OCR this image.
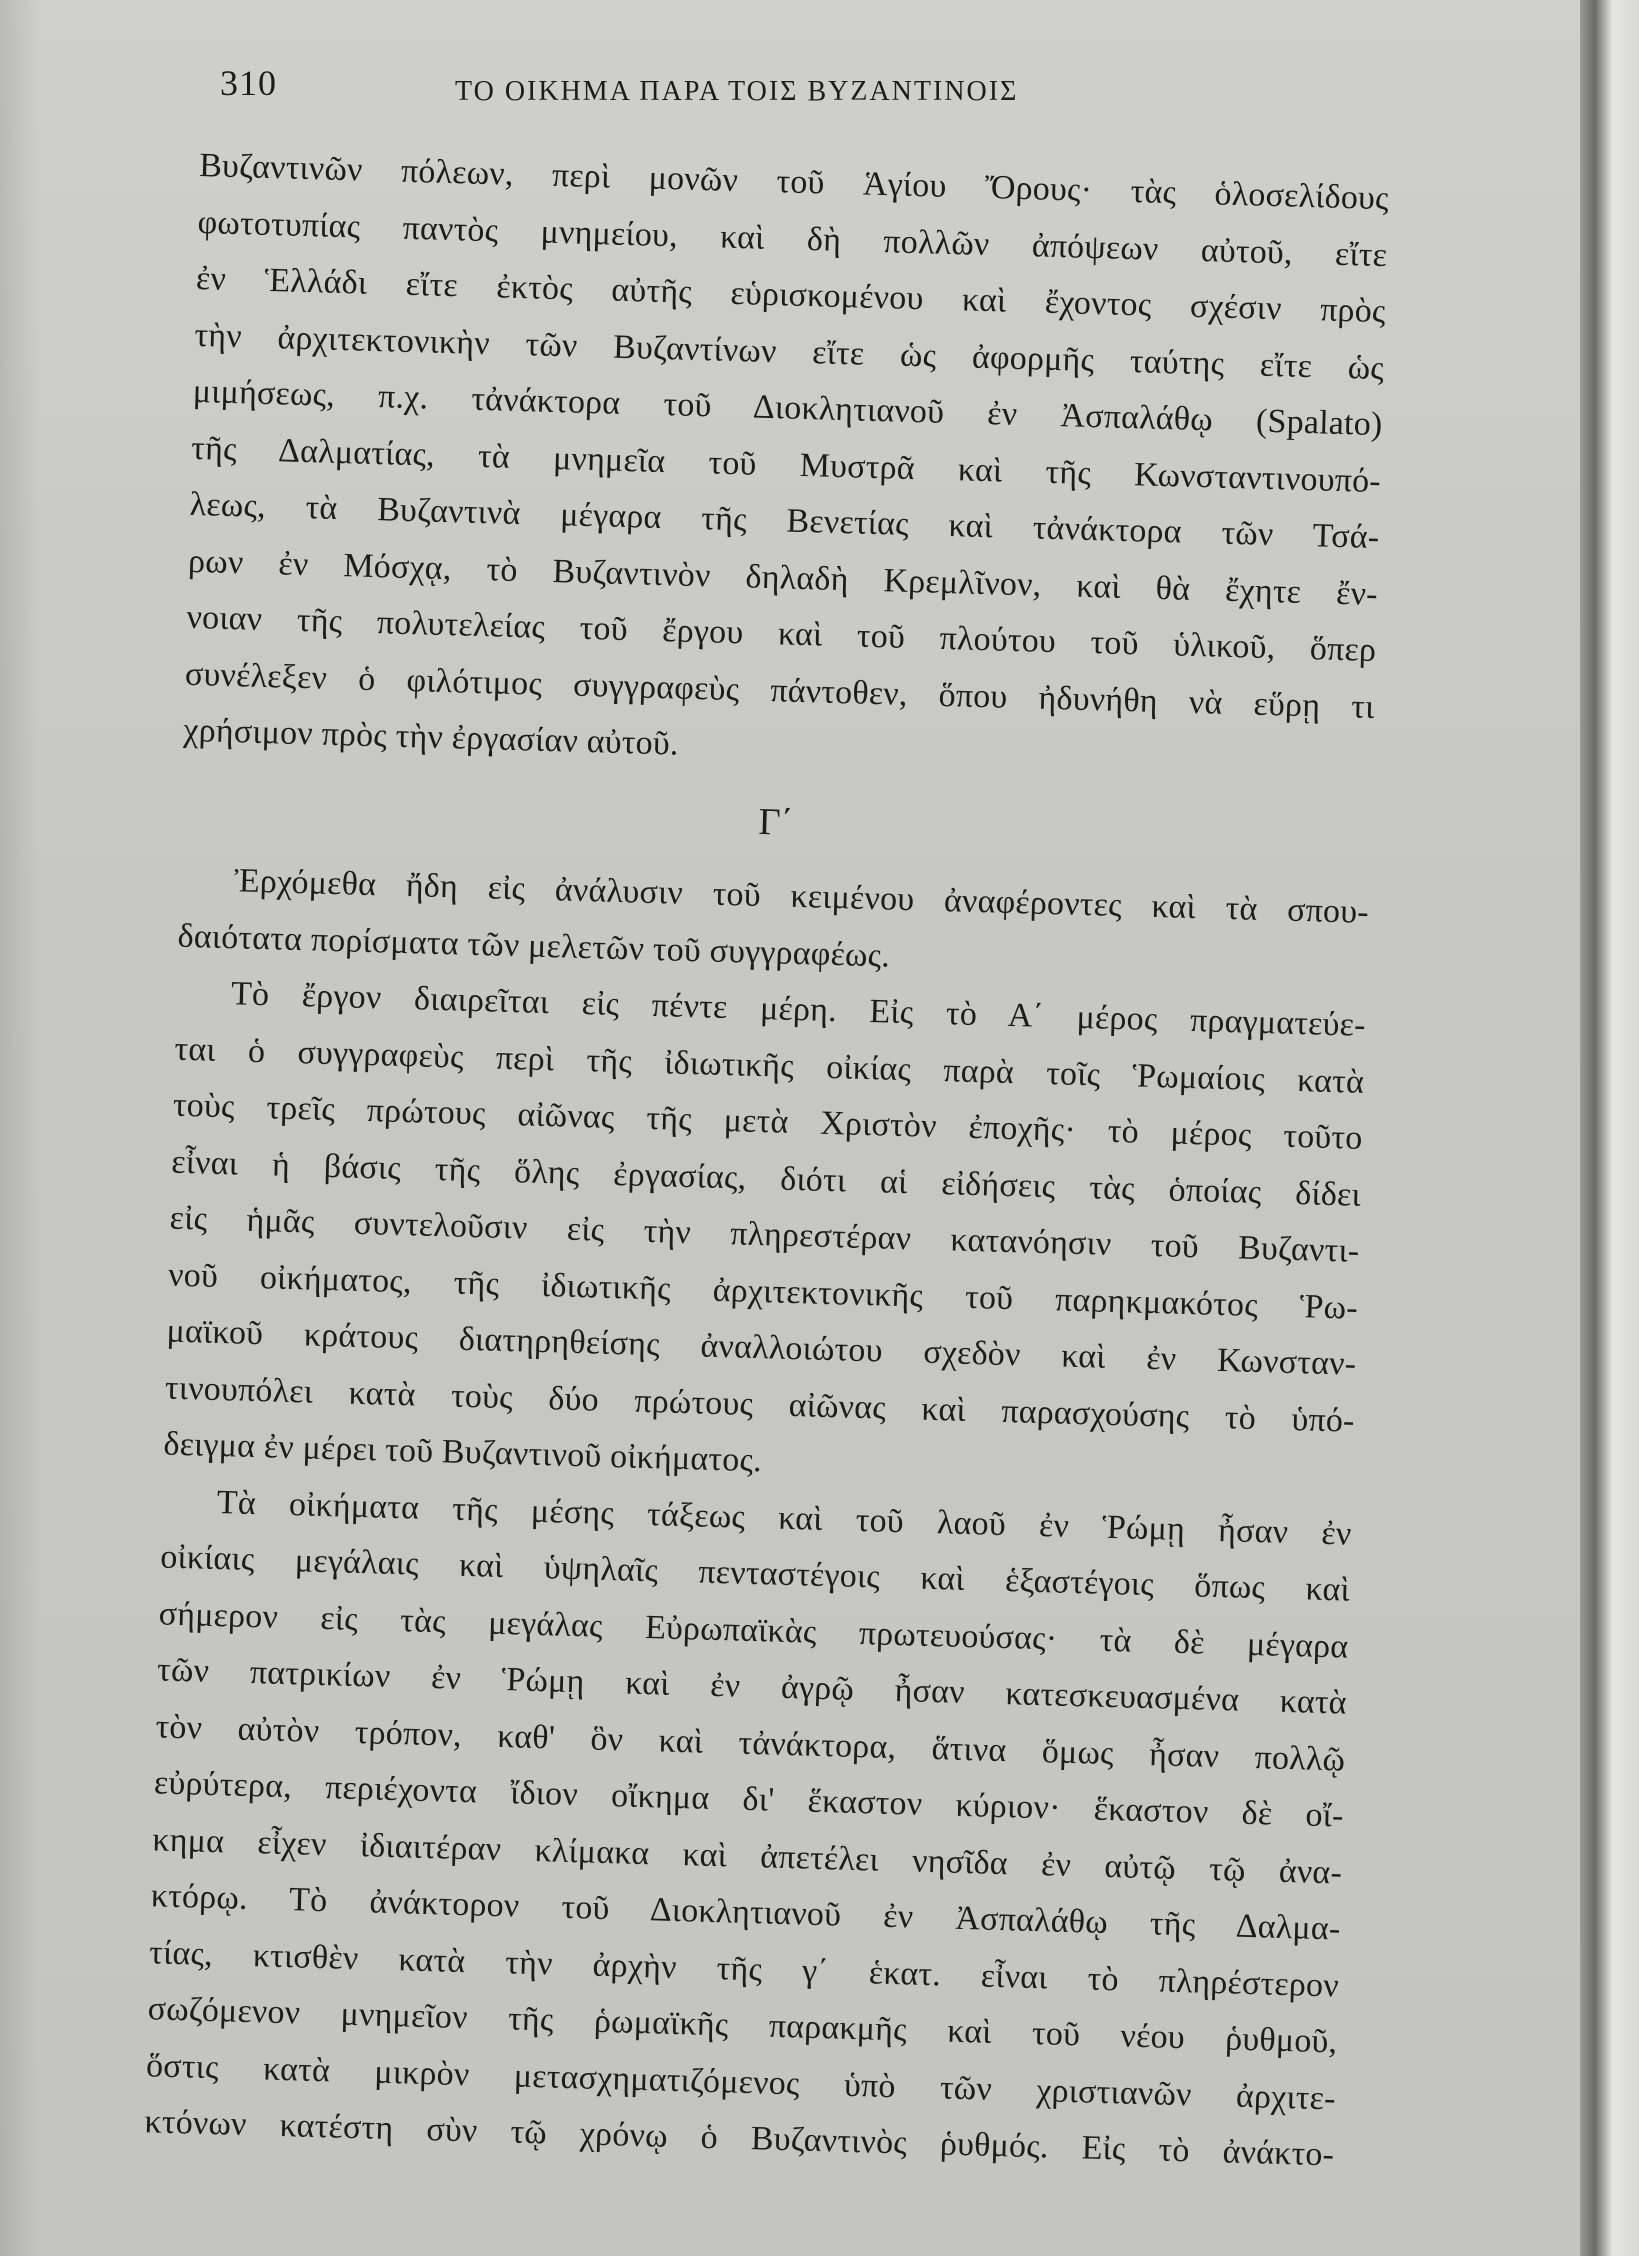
310	ΤΟ ΟΙΚΗΜΑ ΠΑΡΑ ΤΟΙΣ ΒΥΖΑΝΤΙΝΟΙΣ
Βυζαντινῶν πόλεων, περὶ μονῶν τοῦ Ἁγίου Ὄρους· τὰς ὁλοσελίδους
φωτοτυπίας παντὸς μνημείου, καὶ δὴ πολλῶν ἀπόψεων αὐτοῦ, εἴτε
ἐν Ἑλλάδι εἴτε ἐκτὸς αὐτῆς εὑρισκομένου καὶ ἔχοντος σχέσιν πρὸς
τὴν ἀρχιτεκτονικὴν τῶν Βυζαντίνων εἴτε ὡς ἀφορμῆς ταύτης εἴτε ὡς
μιμήσεως, π.χ. τἀνάκτορα τοῦ Διοκλητιανοῦ ἐν Ἀσπαλάθῳ (Spalato)
τῆς Δαλματίας, τὰ μνημεῖα τοῦ Μυστρᾶ καὶ τῆς Κωνσταντινουπό-
λεως, τὰ Βυζαντινὰ μέγαρα τῆς Βενετίας καὶ τἀνάκτορα τῶν Τσά-
ρων ἐν Μόσχᾳ, τὸ Βυζαντινὸν δηλαδὴ Κρεμλῖνον, καὶ θὰ ἔχητε ἔν-
νοιαν τῆς πολυτελείας τοῦ ἔργου καὶ τοῦ πλούτου τοῦ ὑλικοῦ, ὅπερ
συνέλεξεν ὁ φιλότιμος συγγραφεὺς πάντοθεν, ὅπου ἠδυνήθη νὰ εὕρῃ τι
χρήσιμον πρὸς τὴν ἐργασίαν αὐτοῦ.
Γ΄
Ἐρχόμεθα ἤδη εἰς ἀνάλυσιν τοῦ κειμένου ἀναφέροντες καὶ τὰ σπου-
δαιότατα πορίσματα τῶν μελετῶν τοῦ συγγραφέως.
Τὸ ἔργον διαιρεῖται εἰς πέντε μέρη. Εἰς τὸ Α΄ μέρος πραγματεύε-
ται ὁ συγγραφεὺς περὶ τῆς ἰδιωτικῆς οἰκίας παρὰ τοῖς Ῥωμαίοις κατὰ
τοὺς τρεῖς πρώτους αἰῶνας τῆς μετὰ Χριστὸν ἐποχῆς· τὸ μέρος τοῦτο
εἶναι ἡ βάσις τῆς ὅλης ἐργασίας, διότι αἱ εἰδήσεις τὰς ὁποίας δίδει
εἰς ἡμᾶς συντελοῦσιν εἰς τὴν πληρεστέραν κατανόησιν τοῦ Βυζαντι-
νοῦ οἰκήματος, τῆς ἰδιωτικῆς ἀρχιτεκτονικῆς τοῦ παρηκμακότος Ῥω-
μαϊκοῦ κράτους διατηρηθείσης ἀναλλοιώτου σχεδὸν καὶ ἐν Κωνσταν-
τινουπόλει κατὰ τοὺς δύο πρώτους αἰῶνας καὶ παρασχούσης τὸ ὑπό-
δειγμα ἐν μέρει τοῦ Βυζαντινοῦ οἰκήματος.
Τὰ οἰκήματα τῆς μέσης τάξεως καὶ τοῦ λαοῦ ἐν Ῥώμῃ ἦσαν ἐν
οἰκίαις μεγάλαις καὶ ὑψηλαῖς πενταστέγοις καὶ ἑξαστέγοις ὅπως καὶ
σήμερον εἰς τὰς μεγάλας Εὐρωπαϊκὰς πρωτευούσας· τὰ δὲ μέγαρα
τῶν πατρικίων ἐν Ῥώμῃ καὶ ἐν ἀγρῷ ἦσαν κατεσκευασμένα κατὰ
τὸν αὐτὸν τρόπον, καθ' ὃν καὶ τἀνάκτορα, ἅτινα ὅμως ἦσαν πολλῷ
εὐρύτερα, περιέχοντα ἴδιον οἴκημα δι' ἕκαστον κύριον· ἕκαστον δὲ οἴ-
κημα εἶχεν ἰδιαιτέραν κλίμακα καὶ ἀπετέλει νησῖδα ἐν αὐτῷ τῷ ἀνα-
κτόρῳ. Τὸ ἀνάκτορον τοῦ Διοκλητιανοῦ ἐν Ἀσπαλάθῳ τῆς Δαλμα-
τίας, κτισθὲν κατὰ τὴν ἀρχὴν τῆς γ΄ ἑκατ. εἶναι τὸ πληρέστερον
σωζόμενον μνημεῖον τῆς ῥωμαϊκῆς παρακμῆς καὶ τοῦ νέου ῥυθμοῦ,
ὅστις κατὰ μικρὸν μετασχηματιζόμενος ὑπὸ τῶν χριστιανῶν ἀρχιτε-
κτόνων κατέστη σὺν τῷ χρόνῳ ὁ Βυζαντινὸς ῥυθμός. Εἰς τὸ ἀνάκτο-
